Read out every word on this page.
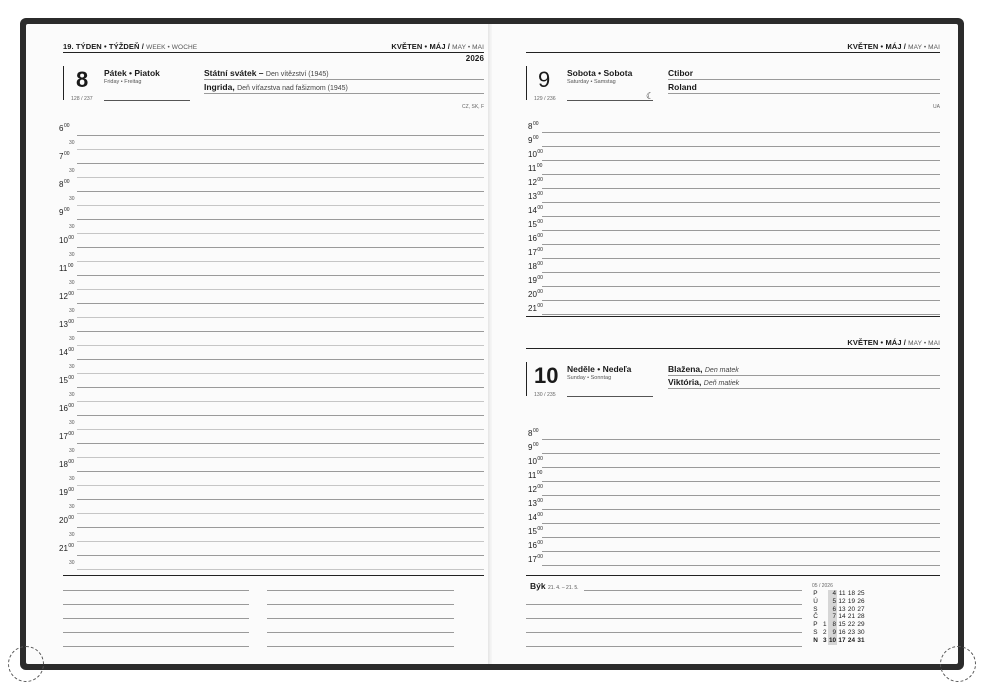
19. TÝDEN • TÝŽDEŇ / WEEK • WOCHE	KVĚTEN • MÁJ / MAY • MAI
2026
8 Pátek • Piatok
Friday • Freitag
128 / 237
Státní svátek – Den vítězství (1945)
Ingrida, Deň víťazstva nad fašizmom (1945)
CZ, SK, F
$6^{00}$
30
$7^{00}$
30
$8^{00}$
30
$9^{00}$
30
$10^{00}$
30
$11^{00}$
30
$12^{00}$
30
$13^{00}$
30
$14^{00}$
30
$15^{00}$
30
$16^{00}$
30
$17^{00}$
30
$18^{00}$
30
$19^{00}$
30
$20^{00}$
30
$21^{00}$
30
KVĚTEN • MÁJ / MAY • MAI
9 Sobota • Sobota
Saturday • Samstag
☾
129 / 236
Ctibor
Roland
UA
$8^{00}$
$9^{00}$
$10^{00}$
$11^{00}$
$12^{00}$
$13^{00}$
$14^{00}$
$15^{00}$
$16^{00}$
$17^{00}$
$18^{00}$
$19^{00}$
$20^{00}$
$21^{00}$
KVĚTEN • MÁJ / MAY • MAI
10 Neděle • Nedeľa
Sunday • Sonntag
130 / 235
Blažena, Den matek
Viktória, Deň matiek
$8^{00}$
$9^{00}$
$10^{00}$
$11^{00}$
$12^{00}$
$13^{00}$
$14^{00}$
$15^{00}$
$16^{00}$
$17^{00}$
Býk 21. 4. – 21. 5.	05 / 2026
P		4	11	18	25
Ú		5	12	19	26
S		6	13	20	27
Č		7	14	21	28
P	1	8	15	22	29
S	2	9	16	23	30
N	3	10	17	24	31
